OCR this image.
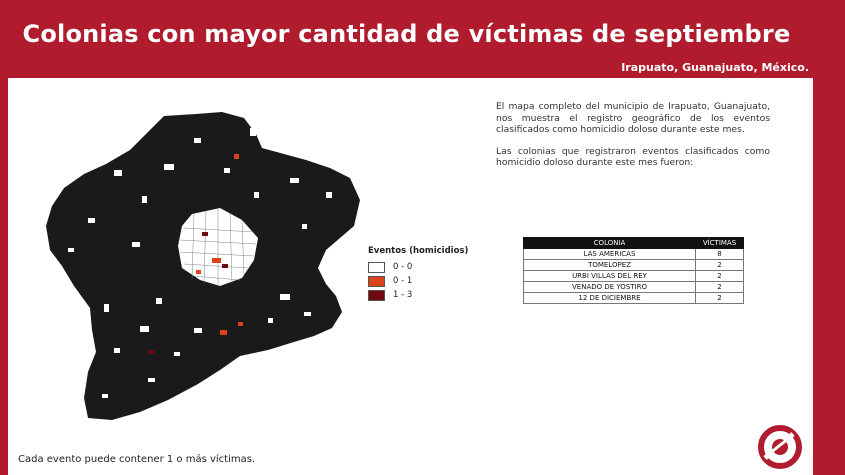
Colonias con mayor cantidad de víctimas de septiembre
Irapuato, Guanajuato, México.
Eventos (homicidios)
0 - 0
0 - 1
1 - 3

El mapa completo del municipio de Irapuato, Guanajuato, nos muestra el registro geográfico de los eventos clasificados como homicidio doloso durante este mes.

Las colonias que registraron eventos clasificados como homicidio doloso durante este mes fueron:

COLONIA	VÍCTIMAS
LAS AMERICAS	8
TOMELOPEZ	2
URBI VILLAS DEL REY	2
VENADO DE YOSTIRO	2
12 DE DICIEMBRE	2
Cada evento puede contener 1 o más víctimas.
